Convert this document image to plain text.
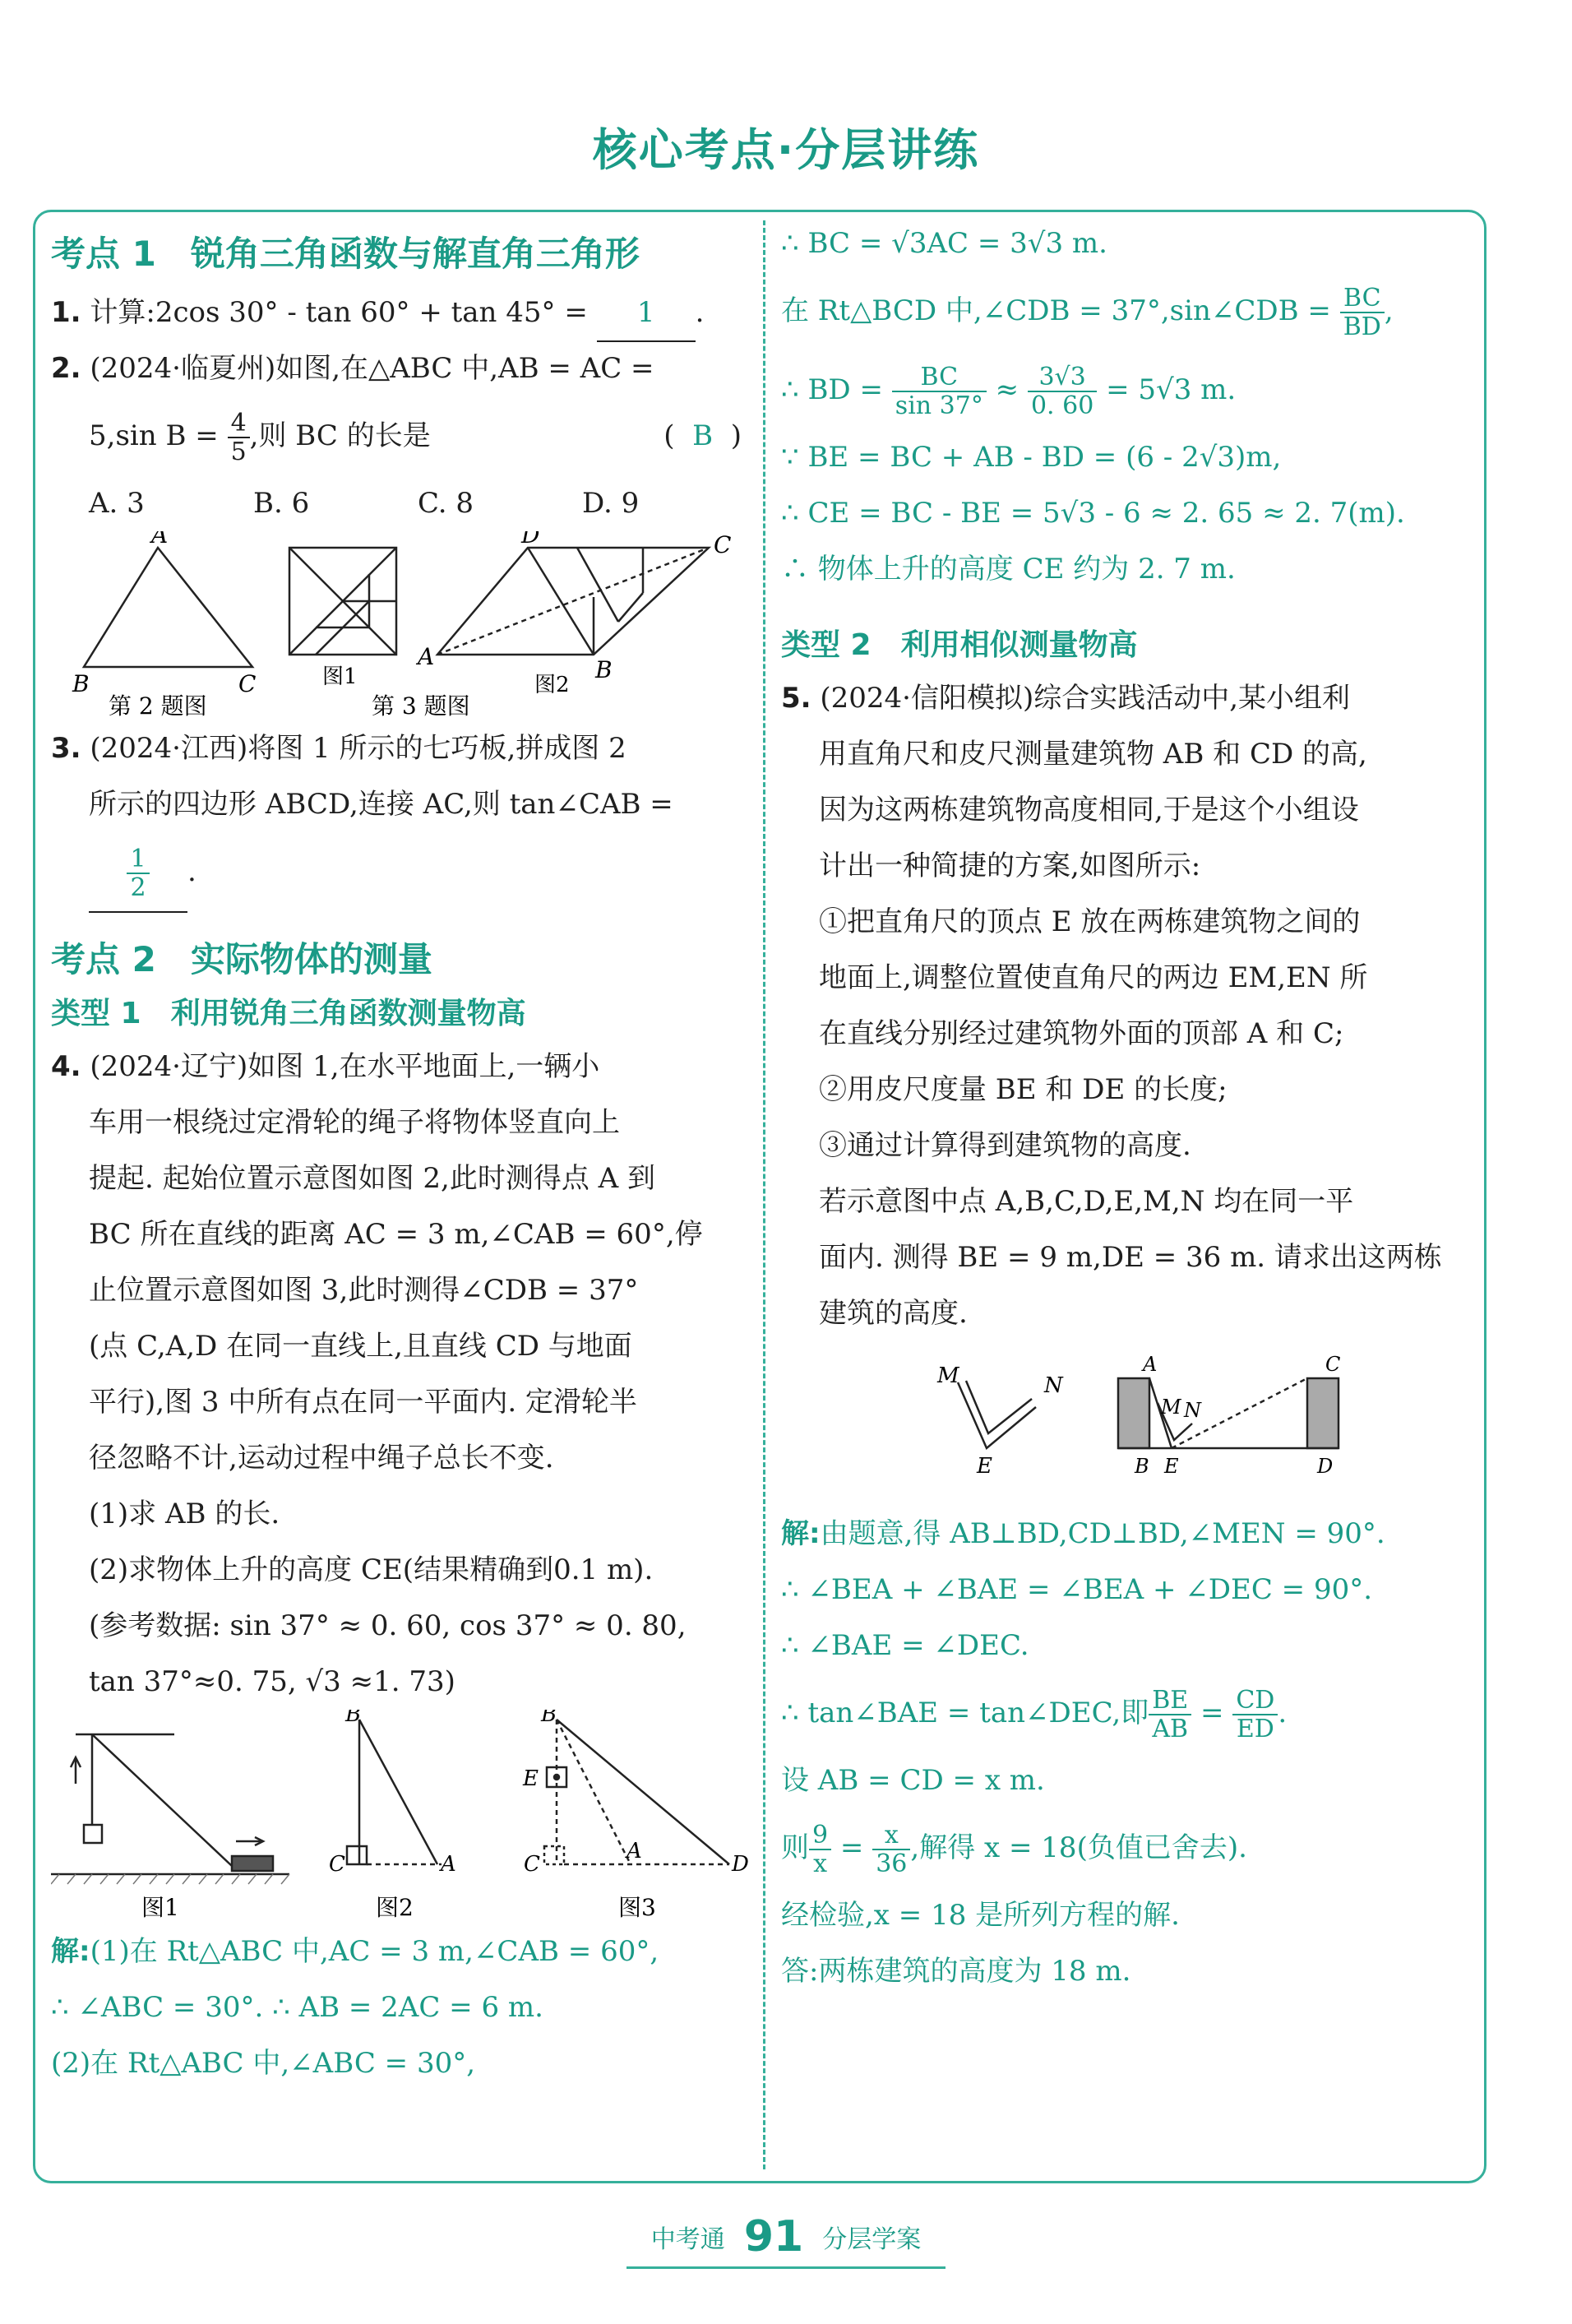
核心考点·分层讲练
考点 1　锐角三角函数与解直角三角形
1. 计算:2cos 30° - tan 60° + tan 45° = 1 .
2. (2024·临夏州)如图,在△ABC 中,AB = AC =
5,sin $B = \frac{4}{5}$ ,则 BC 的长是	( B )
A. 3	B. 6	C. 8	D. 9
A
B	C	图1
D	C
A	B
图2
第 2 题图	第 3 题图
3. (2024·江西)将图 1 所示的七巧板,拼成图 2
所示的四边形 ABCD,连接 AC,则 tan∠CAB =
$\frac{1}{2}$ .
考点 2　实际物体的测量
类型 1　利用锐角三角函数测量物高
4. (2024·辽宁)如图 1,在水平地面上,一辆小
车用一根绕过定滑轮的绳子将物体竖直向上
提起. 起始位置示意图如图 2,此时测得点 A 到
BC 所在直线的距离 AC = 3 m,∠CAB = 60°,停
止位置示意图如图 3,此时测得∠CDB = 37°
(点 C,A,D 在同一直线上,且直线 CD 与地面
平行),图 3 中所有点在同一平面内. 定滑轮半
径忽略不计,运动过程中绳子总长不变.
(1)求 AB 的长.
(2)求物体上升的高度 CE(结果精确到0.1 m).
(参考数据: sin 37° ≈ 0. 60, cos 37° ≈ 0. 80,
tan 37°≈0. 75, √3 ≈1. 73)
图1
B
C	A
图2
B
E
C
A
D
图3
解:(1)在 Rt△ABC 中,AC = 3 m,∠CAB = 60°,
∴ ∠ABC = 30°. ∴ AB = 2AC = 6 m.
(2)在 Rt△ABC 中,∠ABC = 30°,
∴ BC = √3AC = 3√3 m.
在 Rt△BCD 中,∠CDB = 37°,sin∠CDB = $\frac{BC}{BD}$ ,
∴ BD = $\frac{BC}{\sin 37^\circ} \approx \frac{3√3}{0. 60} = 5√3$ m.
∵ BE = BC + AB - BD = (6 - 2√3)m,
∴ CE = BC - BE = 5√3 - 6 ≈ 2. 65 ≈ 2. 7(m).
∴ 物体上升的高度 CE 约为 2. 7 m.
类型 2　利用相似测量物高
5. (2024·信阳模拟)综合实践活动中,某小组利
用直角尺和皮尺测量建筑物 AB 和 CD 的高,
因为这两栋建筑物高度相同,于是这个小组设
计出一种简捷的方案,如图所示:
①把直角尺的顶点 E 放在两栋建筑物之间的
地面上,调整位置使直角尺的两边 EM,EN 所
在直线分别经过建筑物外面的顶部 A 和 C;
②用皮尺度量 BE 和 DE 的长度;
③通过计算得到建筑物的高度.
若示意图中点 A,B,C,D,E,M,N 均在同一平
面内. 测得 BE = 9 m,DE = 36 m. 请求出这两栋
建筑的高度.
M	N
E
A	C
M N
B E	D
解:由题意,得 AB⊥BD,CD⊥BD,∠MEN = 90°.
∴ ∠BEA + ∠BAE = ∠BEA + ∠DEC = 90°.
∴ ∠BAE = ∠DEC.
∴ tan∠BAE = tan∠DEC,即 $\frac{BE}{AB} = \frac{CD}{ED}$ .
设 AB = CD = x m.
则 $\frac{9}{x} = \frac{x}{36}$ ,解得 x = 18(负值已舍去).
经检验,x = 18 是所列方程的解.
答:两栋建筑的高度为 18 m.
中考通 91 分层学案
